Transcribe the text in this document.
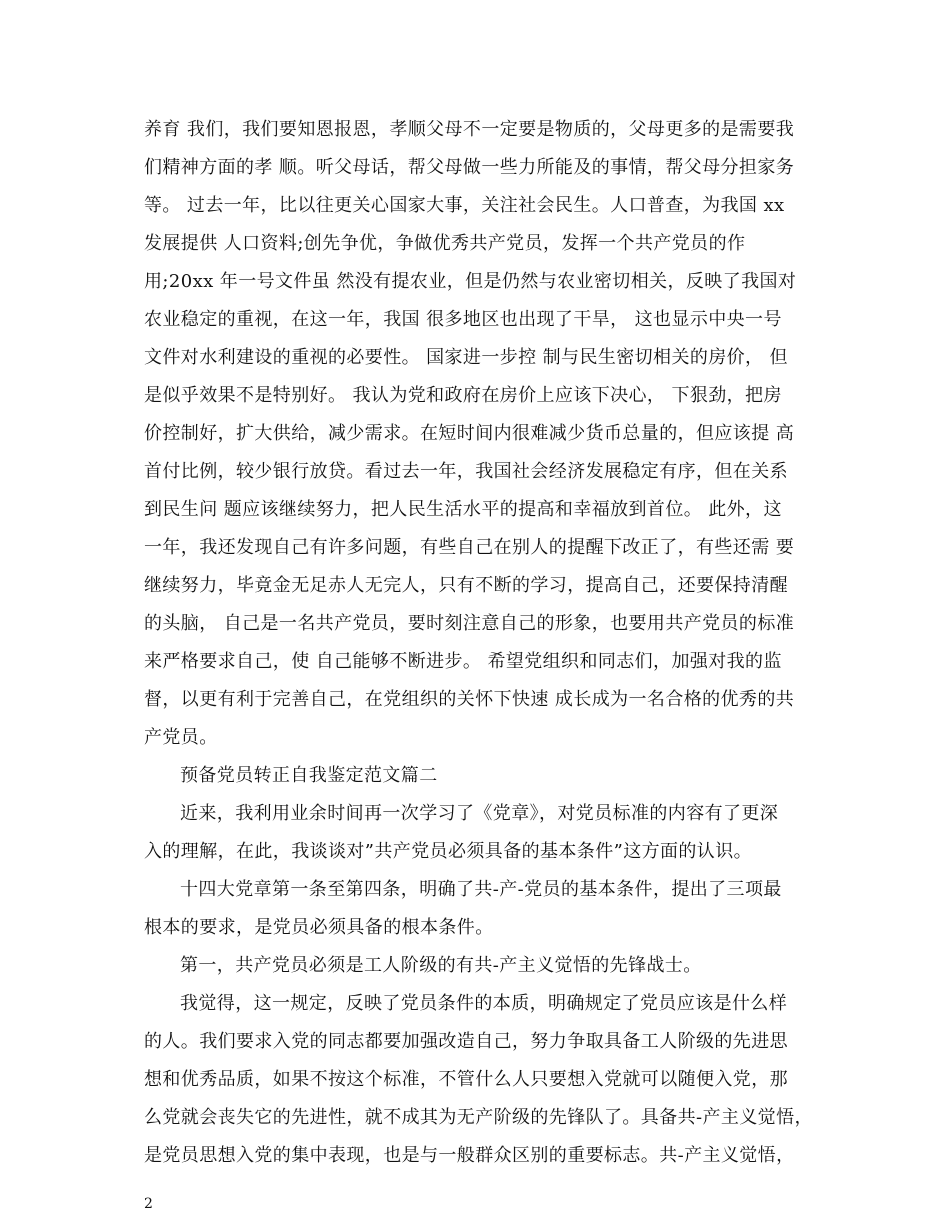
养育 我们，我们要知恩报恩，孝顺父母不一定要是物质的，父母更多的是需要我
们精神方面的孝 顺。听父母话，帮父母做一些力所能及的事情，帮父母分担家务
等。 过去一年，比以往更关心国家大事，关注社会民生。人口普查，为我国 xx
发展提供 人口资料;创先争优，争做优秀共产党员，发挥一个共产党员的作
用;20xx 年一号文件虽 然没有提农业，但是仍然与农业密切相关，反映了我国对
农业稳定的重视，在这一年，我国 很多地区也出现了干旱， 这也显示中央一号
文件对水利建设的重视的必要性。 国家进一步控 制与民生密切相关的房价， 但
是似乎效果不是特别好。 我认为党和政府在房价上应该下决心， 下狠劲，把房
价控制好，扩大供给，减少需求。在短时间内很难减少货币总量的，但应该提 高
首付比例，较少银行放贷。看过去一年，我国社会经济发展稳定有序，但在关系
到民生问 题应该继续努力，把人民生活水平的提高和幸福放到首位。 此外，这
一年，我还发现自己有许多问题，有些自己在别人的提醒下改正了，有些还需 要
继续努力，毕竟金无足赤人无完人，只有不断的学习，提高自己，还要保持清醒
的头脑， 自己是一名共产党员，要时刻注意自己的形象，也要用共产党员的标准
来严格要求自己，使 自己能够不断进步。 希望党组织和同志们，加强对我的监
督，以更有利于完善自己，在党组织的关怀下快速 成长成为一名合格的优秀的共
产党员。
预备党员转正自我鉴定范文篇二
近来，我利用业余时间再一次学习了《党章》，对党员标准的内容有了更深
入的理解，在此，我谈谈对”共产党员必须具备的基本条件”这方面的认识。
十四大党章第一条至第四条，明确了共-产-党员的基本条件，提出了三项最
根本的要求，是党员必须具备的根本条件。
第一，共产党员必须是工人阶级的有共-产主义觉悟的先锋战士。
我觉得，这一规定，反映了党员条件的本质，明确规定了党员应该是什么样
的人。我们要求入党的同志都要加强改造自己，努力争取具备工人阶级的先进思
想和优秀品质，如果不按这个标准，不管什么人只要想入党就可以随便入党，那
么党就会丧失它的先进性，就不成其为无产阶级的先锋队了。具备共-产主义觉悟，
是党员思想入党的集中表现，也是与一般群众区别的重要标志。共-产主义觉悟，
2
